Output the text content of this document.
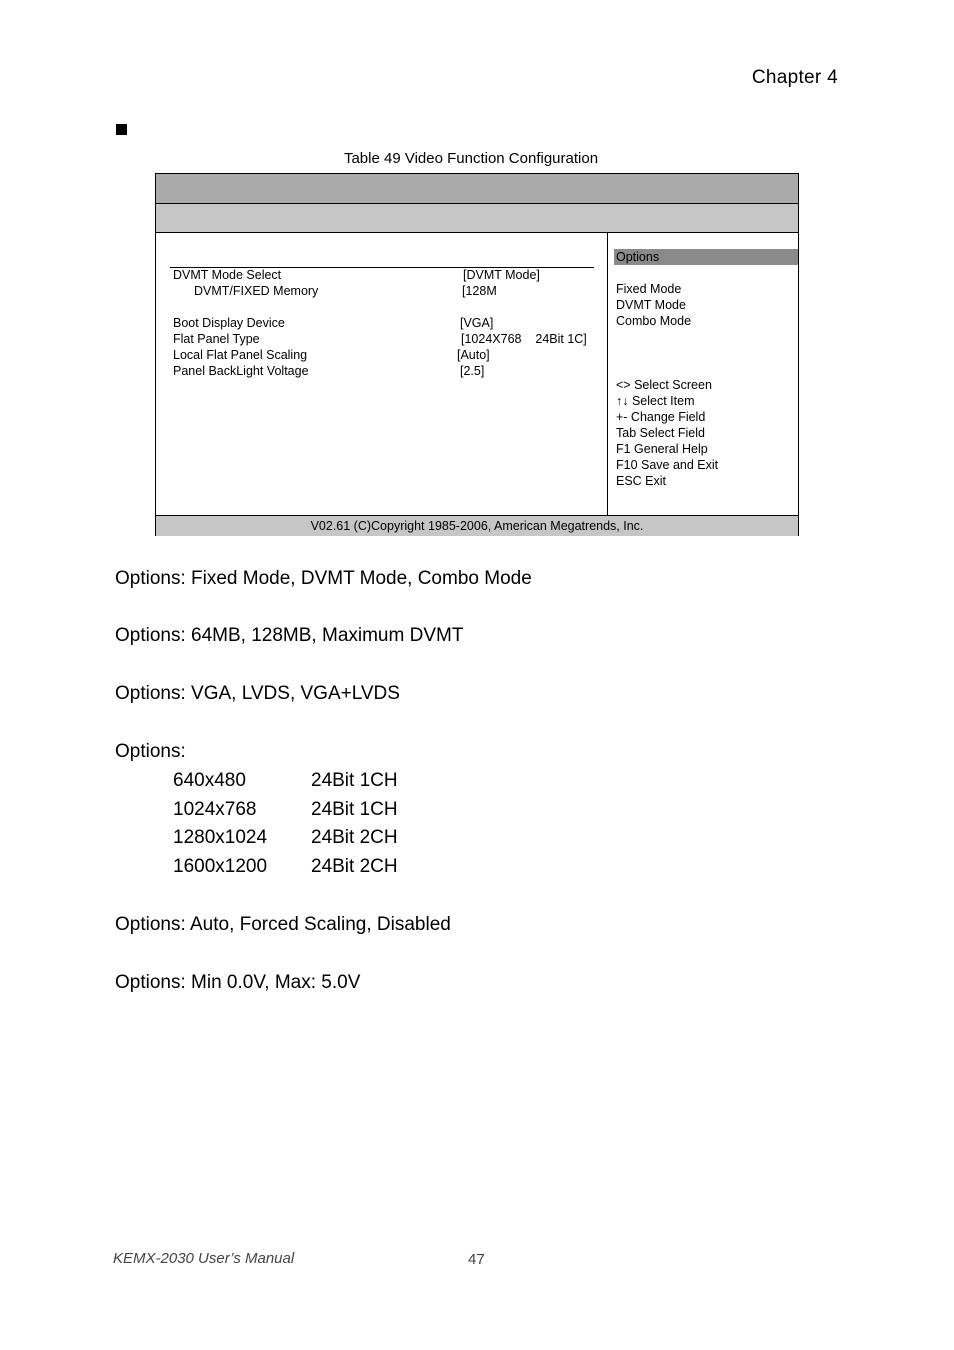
Chapter 4
Table 49 Video Function Configuration
DVMT Mode Select	[DVMT Mode]
DVMT/FIXED Memory	[128M
Boot Display Device	[VGA]
Flat Panel Type	[1024X768    24Bit 1C]
Local Flat Panel Scaling	[Auto]
Panel BackLight Voltage	[2.5]
Options
Fixed Mode
DVMT Mode
Combo Mode
<> Select Screen
↑↓ Select Item
+- Change Field
Tab Select Field
F1 General Help
F10 Save and Exit
ESC Exit
V02.61 (C)Copyright 1985-2006, American Megatrends, Inc.
Options: Fixed Mode, DVMT Mode, Combo Mode
Options: 64MB, 128MB, Maximum DVMT
Options: VGA, LVDS, VGA+LVDS
Options:
640x480	24Bit 1CH
1024x768	24Bit 1CH
1280x1024 24Bit 2CH
1600x1200 24Bit 2CH
Options: Auto, Forced Scaling, Disabled
Options: Min 0.0V, Max: 5.0V
KEMX-2030 User’s Manual	47
